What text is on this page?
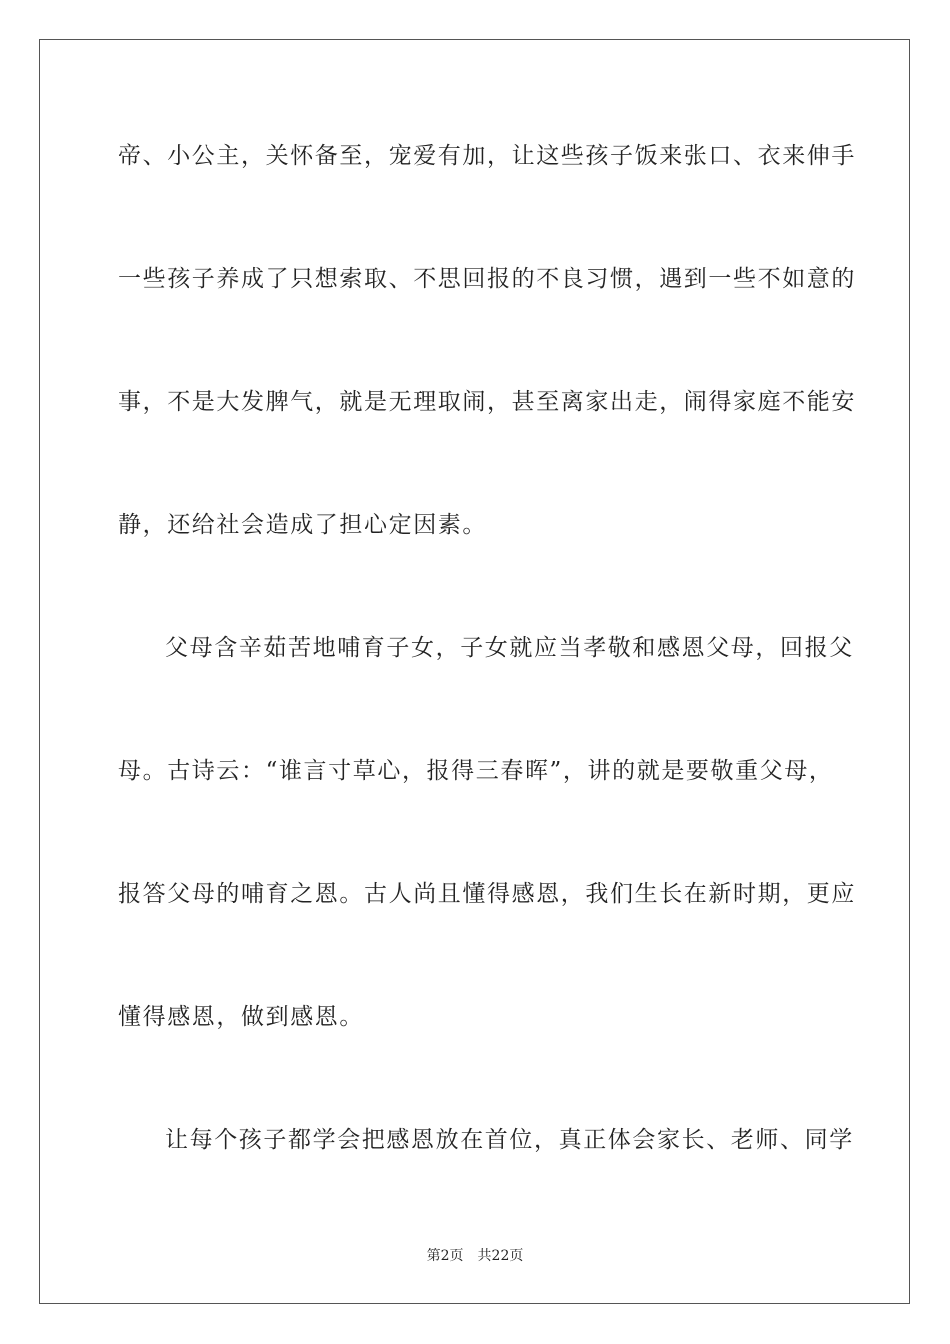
帝、小公主，关怀备至，宠爱有加，让这些孩子饭来张口、衣来伸手
一些孩子养成了只想索取、不思回报的不良习惯，遇到一些不如意的
事，不是大发脾气，就是无理取闹，甚至离家出走，闹得家庭不能安
静，还给社会造成了担心定因素。
父母含辛茹苦地哺育子女，子女就应当孝敬和感恩父母，回报父
母。古诗云：“谁言寸草心，报得三春晖”，讲的就是要敬重父母，
报答父母的哺育之恩。古人尚且懂得感恩，我们生长在新时期，更应
懂得感恩，做到感恩。
让每个孩子都学会把感恩放在首位，真正体会家长、老师、同学
第2页 共22页
